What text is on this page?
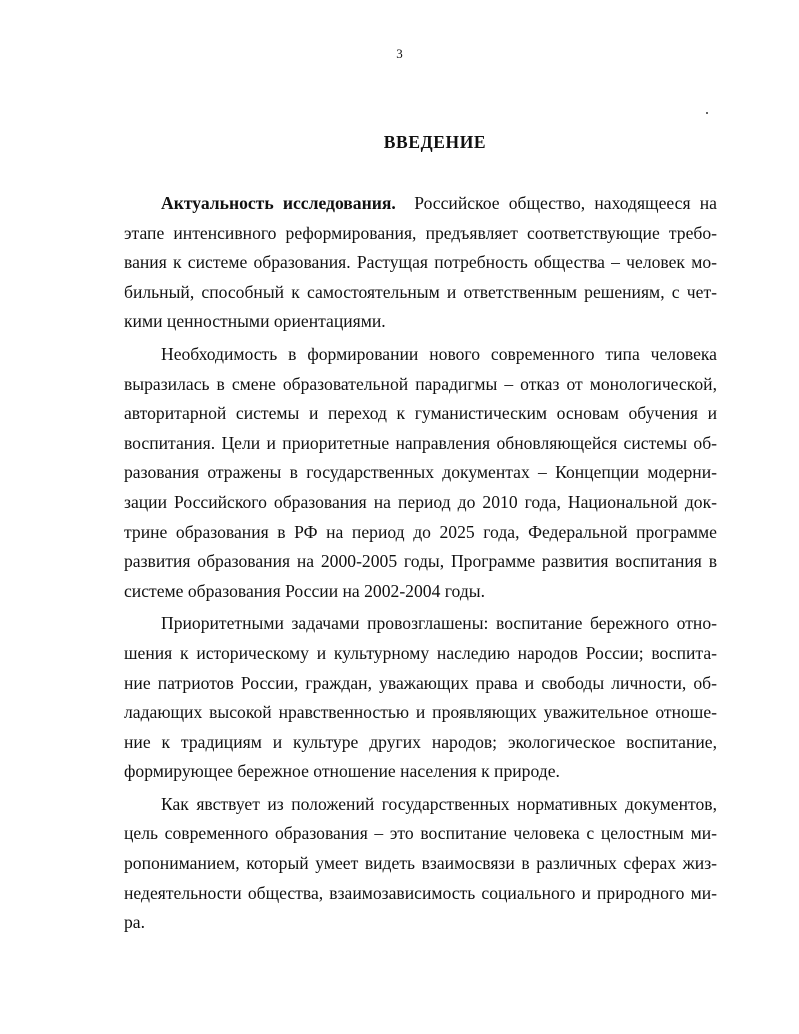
3
ВВЕДЕНИЕ
Актуальность исследования. Российское общество, находящееся на
этапе интенсивного реформирования, предъявляет соответствующие требо-
вания к системе образования. Растущая потребность общества – человек мо-
бильный, способный к самостоятельным и ответственным решениям, с чет-
кими ценностными ориентациями.
Необходимость в формировании нового современного типа человека
выразилась в смене образовательной парадигмы – отказ от монологической,
авторитарной системы и переход к гуманистическим основам обучения и
воспитания. Цели и приоритетные направления обновляющейся системы об-
разования отражены в государственных документах – Концепции модерни-
зации Российского образования на период до 2010 года, Национальной док-
трине образования в РФ на период до 2025 года, Федеральной программе
развития образования на 2000-2005 годы, Программе развития воспитания в
системе образования России на 2002-2004 годы.
Приоритетными задачами провозглашены: воспитание бережного отно-
шения к историческому и культурному наследию народов России; воспита-
ние патриотов России, граждан, уважающих права и свободы личности, об-
ладающих высокой нравственностью и проявляющих уважительное отноше-
ние к традициям и культуре других народов; экологическое воспитание,
формирующее бережное отношение населения к природе.
Как явствует из положений государственных нормативных документов,
цель современного образования – это воспитание человека с целостным ми-
ропониманием, который умеет видеть взаимосвязи в различных сферах жиз-
недеятельности общества, взаимозависимость социального и природного ми-
ра.
